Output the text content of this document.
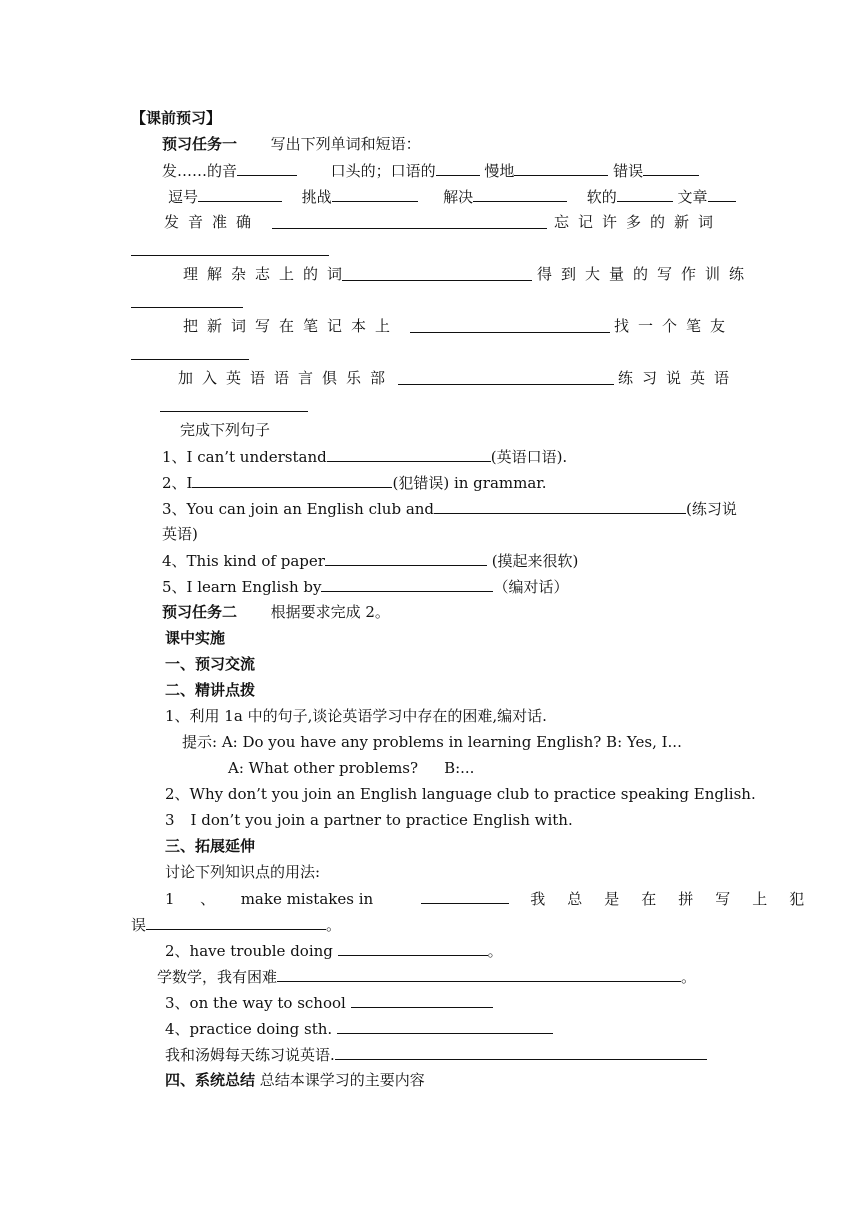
【课前预习】
预习任务一 写出下列单词和短语：
发……的音	口头的；口语的	慢地	错误
逗号	挑战	解决	软的	文章
发音准确	忘记许多的新词
理解杂志上的词	得到大量的写作训练
把新词写在笔记本上	找一个笔友
加入英语语言俱乐部	练习说英语
完成下列句子
1、I can’t understand	(英语口语).
2、I	(犯错误) in grammar.
3、You can join an English club and	(练习说
英语)
4、This kind of paper	(摸起来很软)
5、I learn English by	（编对话）
预习任务二 根据要求完成 2。
课中实施
一、预习交流
二、精讲点拨
1、利用 1a 中的句子,谈论英语学习中存在的困难,编对话.
提示: A: Do you have any problems in learning English? B: Yes, I...
A: What other problems? B:...
2、Why don’t you join an English language club to practice speaking English.
3 I don’t you join a partner to practice English with.
三、拓展延伸
讨论下列知识点的用法:
1 、 make mistakes in	我总是在拼写上犯
误	。
2、have trouble doing	。
学数学，我有困难	。
3、on the way to school
4、practice doing sth.
我和汤姆每天练习说英语.
四、系统总结 总结本课学习的主要内容
